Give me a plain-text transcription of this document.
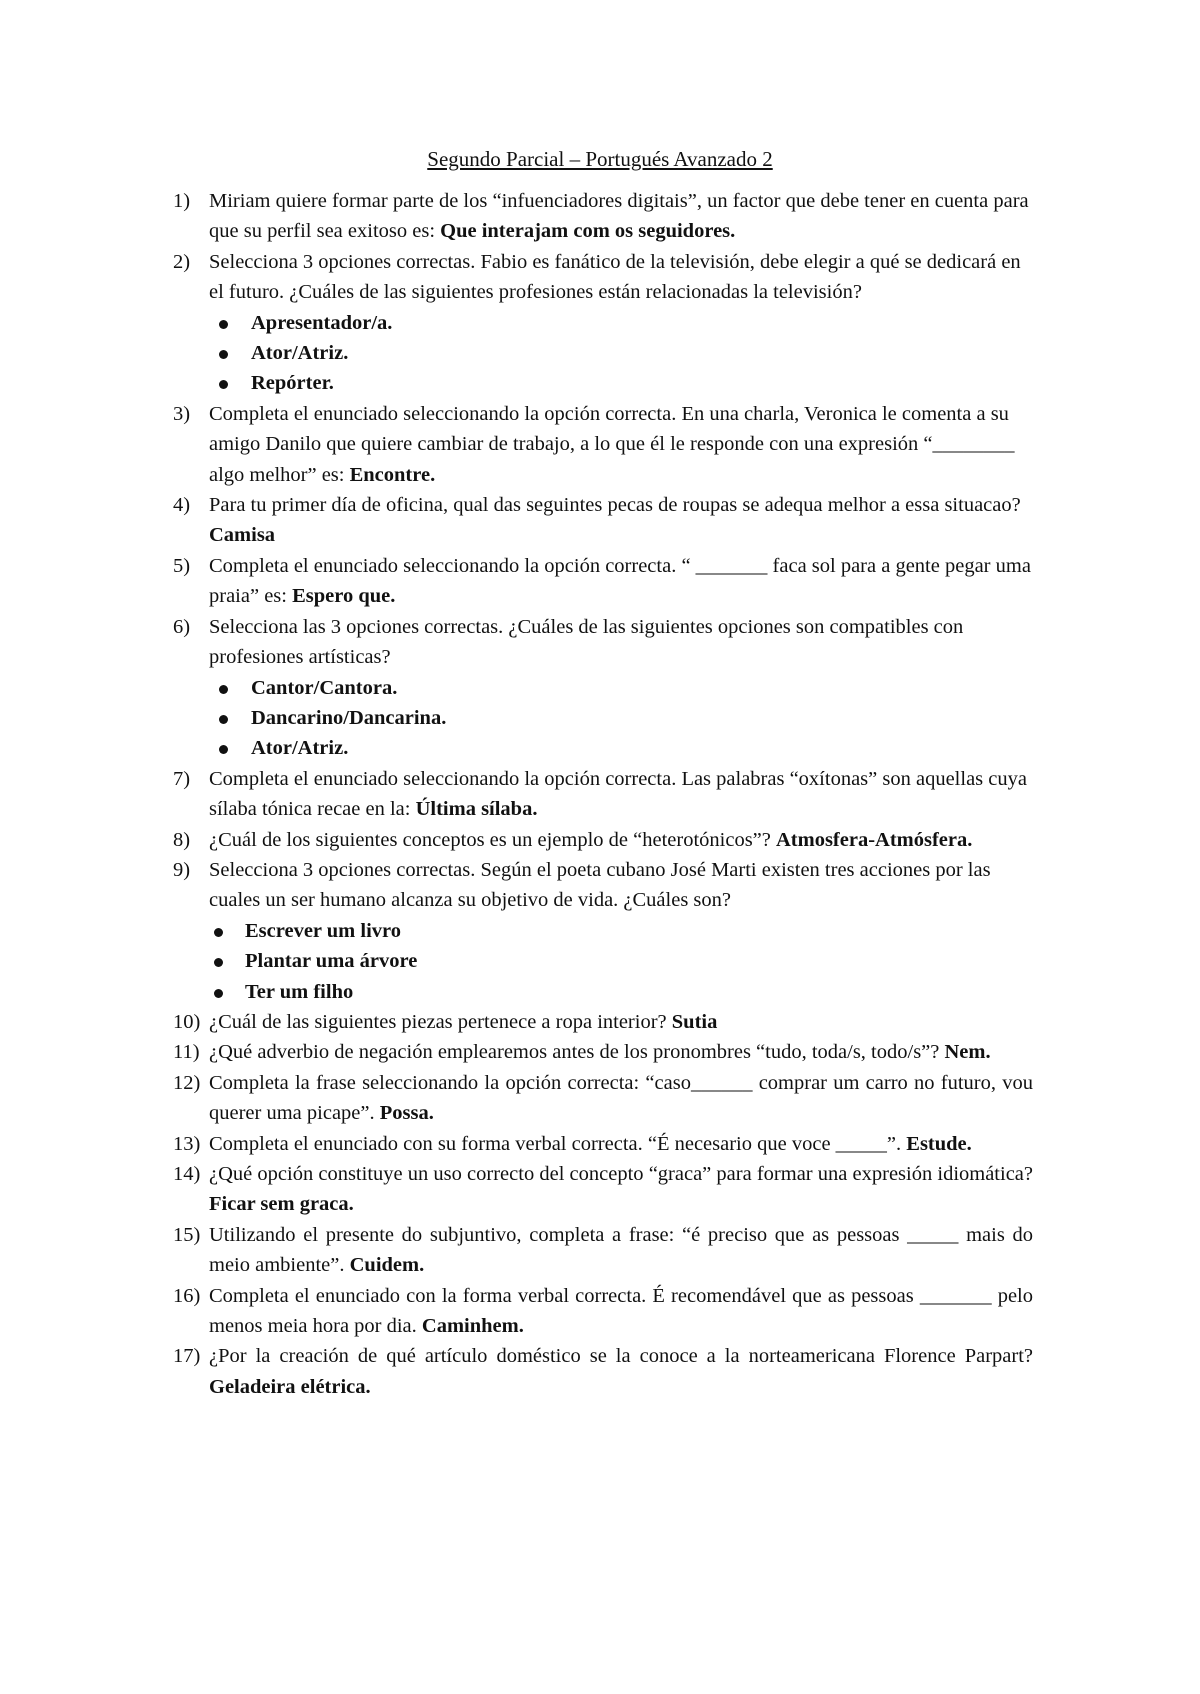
Segundo Parcial – Portugués Avanzado 2
1) Miriam quiere formar parte de los “infuenciadores digitais”, un factor que debe tener en cuenta para que su perfil sea exitoso es: Que interajam com os seguidores.
2) Selecciona 3 opciones correctas. Fabio es fanático de la televisión, debe elegir a qué se dedicará en el futuro. ¿Cuáles de las siguientes profesiones están relacionadas la televisión?
Apresentador/a.
Ator/Atriz.
Repórter.
3) Completa el enunciado seleccionando la opción correcta. En una charla, Veronica le comenta a su amigo Danilo que quiere cambiar de trabajo, a lo que él le responde con una expresión “________ algo melhor” es: Encontre.
4) Para tu primer día de oficina, qual das seguintes pecas de roupas se adequa melhor a essa situacao? Camisa
5) Completa el enunciado seleccionando la opción correcta. “ _______ faca sol para a gente pegar uma praia” es: Espero que.
6) Selecciona las 3 opciones correctas. ¿Cuáles de las siguientes opciones son compatibles con profesiones artísticas?
Cantor/Cantora.
Dancarino/Dancarina.
Ator/Atriz.
7) Completa el enunciado seleccionando la opción correcta. Las palabras “oxítonas” son aquellas cuya sílaba tónica recae en la: Última sílaba.
8) ¿Cuál de los siguientes conceptos es un ejemplo de “heterotónicos”? Atmosfera-Atmósfera.
9) Selecciona 3 opciones correctas. Según el poeta cubano José Marti existen tres acciones por las cuales un ser humano alcanza su objetivo de vida. ¿Cuáles son?
Escrever um livro
Plantar uma árvore
Ter um filho
10) ¿Cuál de las siguientes piezas pertenece a ropa interior? Sutia
11) ¿Qué adverbio de negación emplearemos antes de los pronombres “tudo, toda/s, todo/s”? Nem.
12) Completa la frase seleccionando la opción correcta: “caso______ comprar um carro no futuro, vou querer uma picape”. Possa.
13) Completa el enunciado con su forma verbal correcta. “É necesario que voce _____”. Estude.
14) ¿Qué opción constituye un uso correcto del concepto “graca” para formar una expresión idiomática? Ficar sem graca.
15) Utilizando el presente do subjuntivo, completa a frase: “é preciso que as pessoas _____ mais do meio ambiente”. Cuidem.
16) Completa el enunciado con la forma verbal correcta. É recomendável que as pessoas _______ pelo menos meia hora por dia. Caminhem.
17) ¿Por la creación de qué artículo doméstico se la conoce a la norteamericana Florence Parpart? Geladeira elétrica.
